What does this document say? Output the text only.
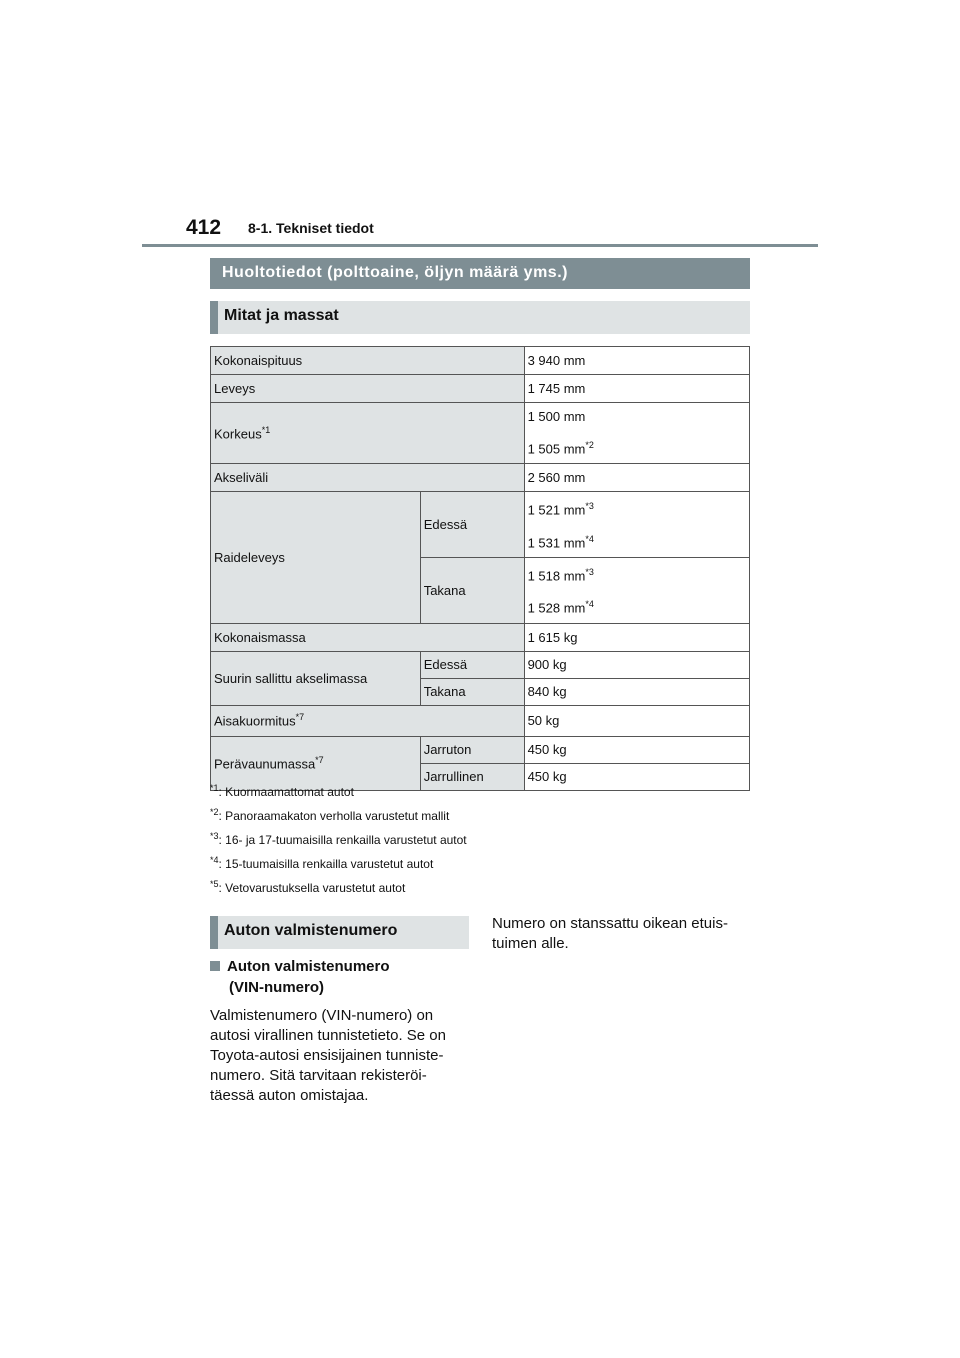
412 8-1. Tekniset tiedot
Huoltotiedot (polttoaine, öljyn määrä yms.)
Mitat ja massat
Kokonaispituus		3 940 mm
Leveys		1 745 mm
Korkeus$^{*1}$		1 500 mm
1 505 $mm^{*2}$

Akseliväli		2 560 mm
Raideleveys	Edessä	1 521 $mm^{*3}$
1 531 $mm^{*4}$

	Takana	1 518 $mm^{*3}$
1 528 $mm^{*4}$

Kokonaismassa		1 615 kg
Suurin sallittu akselimassa	Edessä	900 kg
	Takana	840 kg
Aisakuormitus$^{*7}$		50 kg
Perävaunumassa$^{*7}$	Jarruton	450 kg
	Jarrullinen	450 kg
$^{*1}$: Kuormaamattomat autot
$^{*2}$: Panoraamakaton verholla varustetut mallit
$^{*3}$: 16- ja 17-tuumaisilla renkailla varustetut autot
$^{*4}$: 15-tuumaisilla renkailla varustetut autot
$^{*5}$: Vetovarustuksella varustetut autot
Auton valmistenumero
Auton valmistenumero
(VIN-numero)

Valmistenumero (VIN-numero) on
autosi virallinen tunnistetieto. Se on
Toyota-autosi ensisijainen tunniste-
numero. Sitä tarvitaan rekisteröi-
täessä auton omistajaa.

Numero on stanssattu oikean etuis-
tuimen alle.
